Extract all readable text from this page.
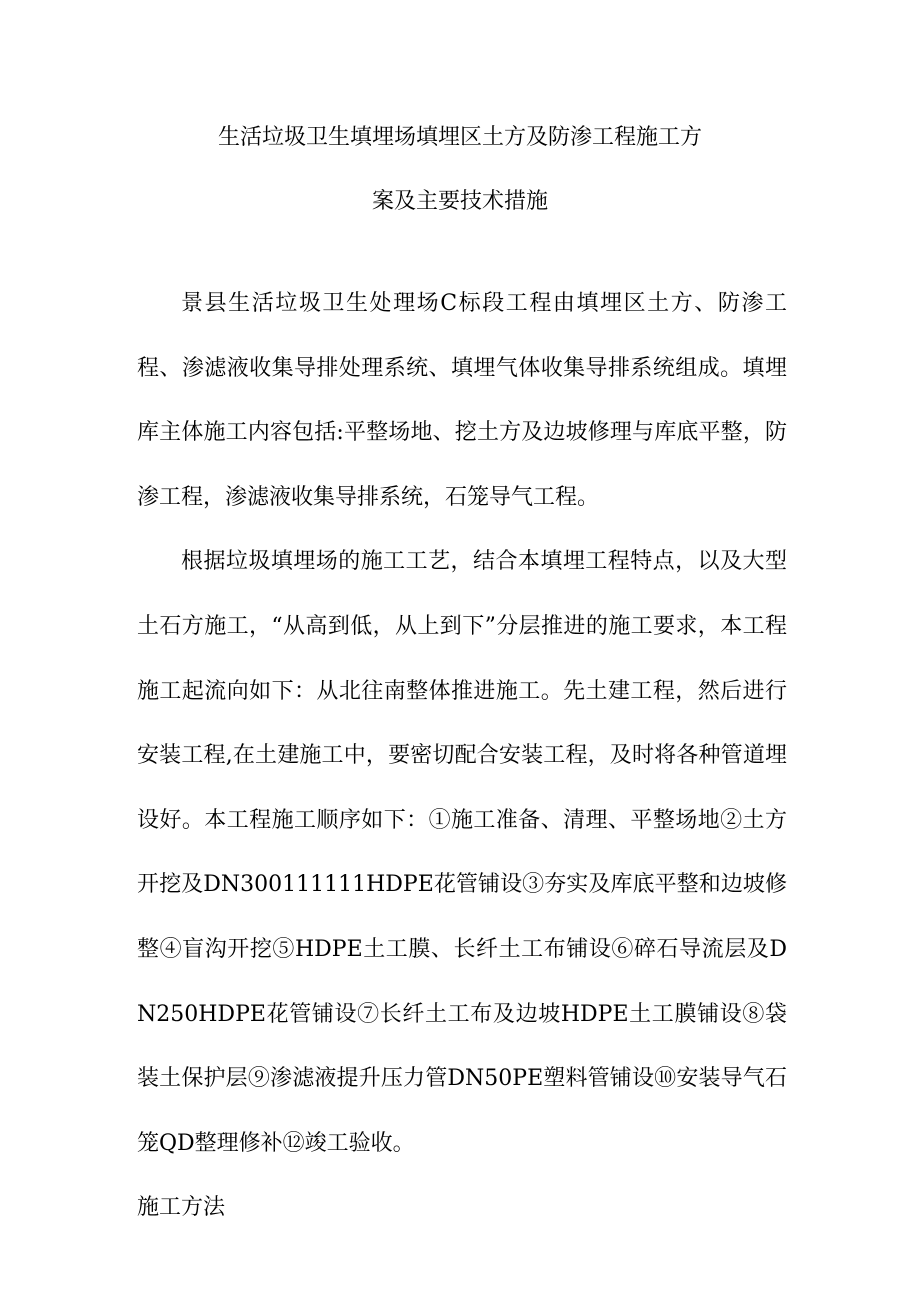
生活垃圾卫生填埋场填埋区土方及防渗工程施工方
案及主要技术措施

景县生活垃圾卫生处理场C标段工程由填埋区土方、防渗工程、渗滤液收集导排处理系统、填埋气体收集导排系统组成。填埋库主体施工内容包括:平整场地、挖土方及边坡修理与库底平整，防渗工程，渗滤液收集导排系统，石笼导气工程。

根据垃圾填埋场的施工工艺，结合本填埋工程特点，以及大型土石方施工，“从高到低，从上到下”分层推进的施工要求，本工程施工起流向如下：从北往南整体推进施工。先土建工程，然后进行安装工程,在土建施工中，要密切配合安装工程，及时将各种管道埋设好。本工程施工顺序如下：①施工准备、清理、平整场地②土方开挖及DN300111111HDPE花管铺设③夯实及库底平整和边坡修整④盲沟开挖⑤HDPE土工膜、长纤土工布铺设⑥碎石导流层及DN250HDPE花管铺设⑦长纤土工布及边坡HDPE土工膜铺设⑧袋装土保护层⑨渗滤液提升压力管DN50PE塑料管铺设⑩安装导气石笼QD整理修补⑫竣工验收。

施工方法
